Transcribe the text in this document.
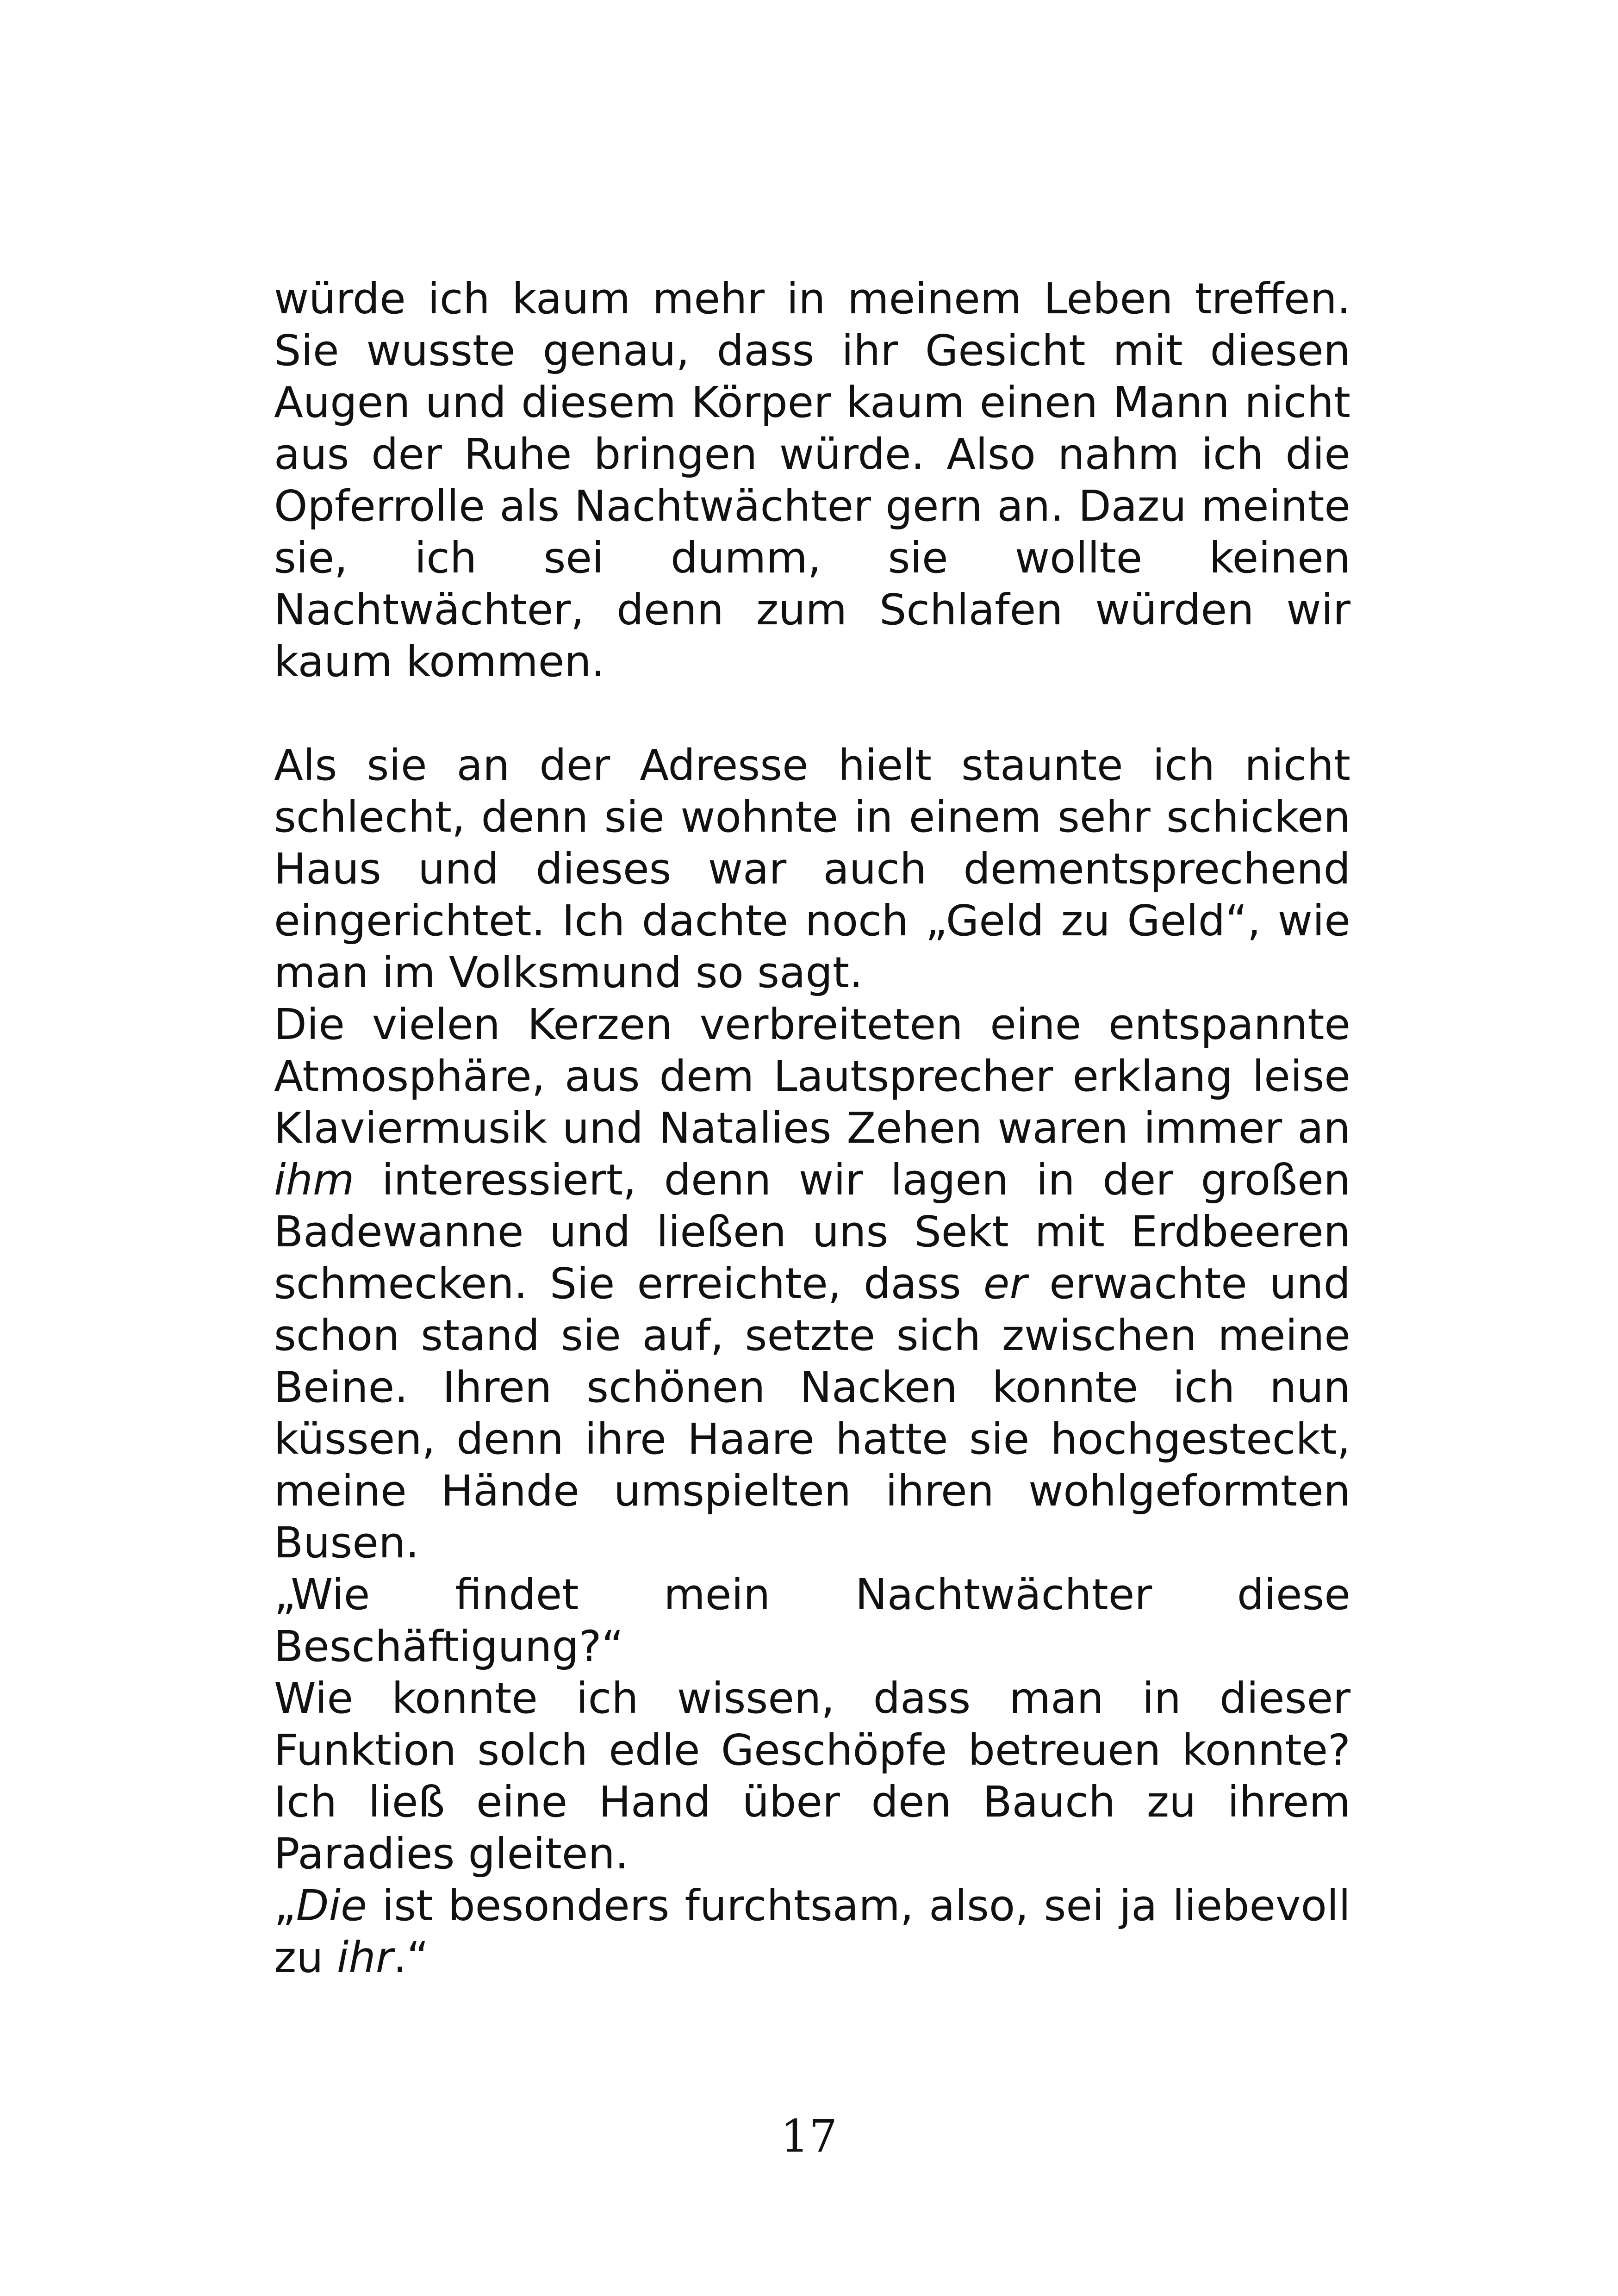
würde ich kaum mehr in meinem Leben treffen. Sie wusste genau, dass ihr Gesicht mit diesen Augen und diesem Körper kaum einen Mann nicht aus der Ruhe bringen würde. Also nahm ich die Opferrolle als Nachtwächter gern an. Dazu meinte sie, ich sei dumm, sie wollte keinen Nachtwächter, denn zum Schlafen würden wir kaum kommen.

Als sie an der Adresse hielt staunte ich nicht schlecht, denn sie wohnte in einem sehr schicken Haus und dieses war auch dementsprechend eingerichtet. Ich dachte noch „Geld zu Geld“, wie man im Volksmund so sagt.

Die vielen Kerzen verbreiteten eine entspannte Atmosphäre, aus dem Lautsprecher erklang leise Klaviermusik und Natalies Zehen waren immer an ihm interessiert, denn wir lagen in der großen Badewanne und ließen uns Sekt mit Erdbeeren schmecken. Sie erreichte, dass er erwachte und schon stand sie auf, setzte sich zwischen meine Beine. Ihren schönen Nacken konnte ich nun küssen, denn ihre Haare hatte sie hochgesteckt, meine Hände umspielten ihren wohlgeformten Busen.

„Wie findet mein Nachtwächter diese Beschäftigung?“

Wie konnte ich wissen, dass man in dieser Funktion solch edle Geschöpfe betreuen konnte? Ich ließ eine Hand über den Bauch zu ihrem Paradies gleiten.

„Die ist besonders furchtsam, also, sei ja liebevoll zu ihr.“

17
